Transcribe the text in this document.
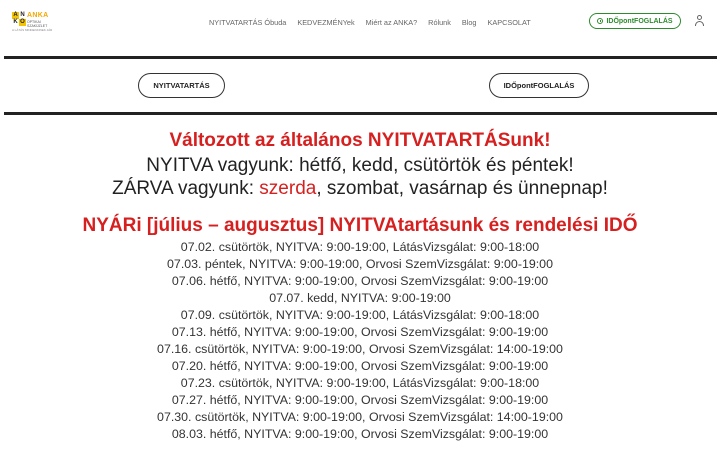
A N
K O
ANKA
OPTIKAI SZAKÜZLET
A LÁTÁS MINDENKINEK JÁR
NYITVATARTÁS Óbuda KEDVEZMÉNYek Miért az ANKA? Rólunk Blog KAPCSOLAT	IDŐpontFOGLALÁS
NYITVATARTÁS	IDŐpontFOGLALÁS
Változott az általános NYITVATARTÁSunk!
NYITVA vagyunk: hétfő, kedd, csütörtök és péntek!
ZÁRVA vagyunk: szerda, szombat, vasárnap és ünnepnap!
NYÁRi [július – augusztus] NYITVAtartásunk és rendelési IDŐ
07.02. csütörtök, NYITVA: 9:00-19:00, LátásVizsgálat: 9:00-18:00
07.03. péntek, NYITVA: 9:00-19:00, Orvosi SzemVizsgálat: 9:00-19:00
07.06. hétfő, NYITVA: 9:00-19:00, Orvosi SzemVizsgálat: 9:00-19:00
07.07. kedd, NYITVA: 9:00-19:00
07.09. csütörtök, NYITVA: 9:00-19:00, LátásVizsgálat: 9:00-18:00
07.13. hétfő, NYITVA: 9:00-19:00, Orvosi SzemVizsgálat: 9:00-19:00
07.16. csütörtök, NYITVA: 9:00-19:00, Orvosi SzemVizsgálat: 14:00-19:00
07.20. hétfő, NYITVA: 9:00-19:00, Orvosi SzemVizsgálat: 9:00-19:00
07.23. csütörtök, NYITVA: 9:00-19:00, LátásVizsgálat: 9:00-18:00
07.27. hétfő, NYITVA: 9:00-19:00, Orvosi SzemVizsgálat: 9:00-19:00
07.30. csütörtök, NYITVA: 9:00-19:00, Orvosi SzemVizsgálat: 14:00-19:00
08.03. hétfő, NYITVA: 9:00-19:00, Orvosi SzemVizsgálat: 9:00-19:00
